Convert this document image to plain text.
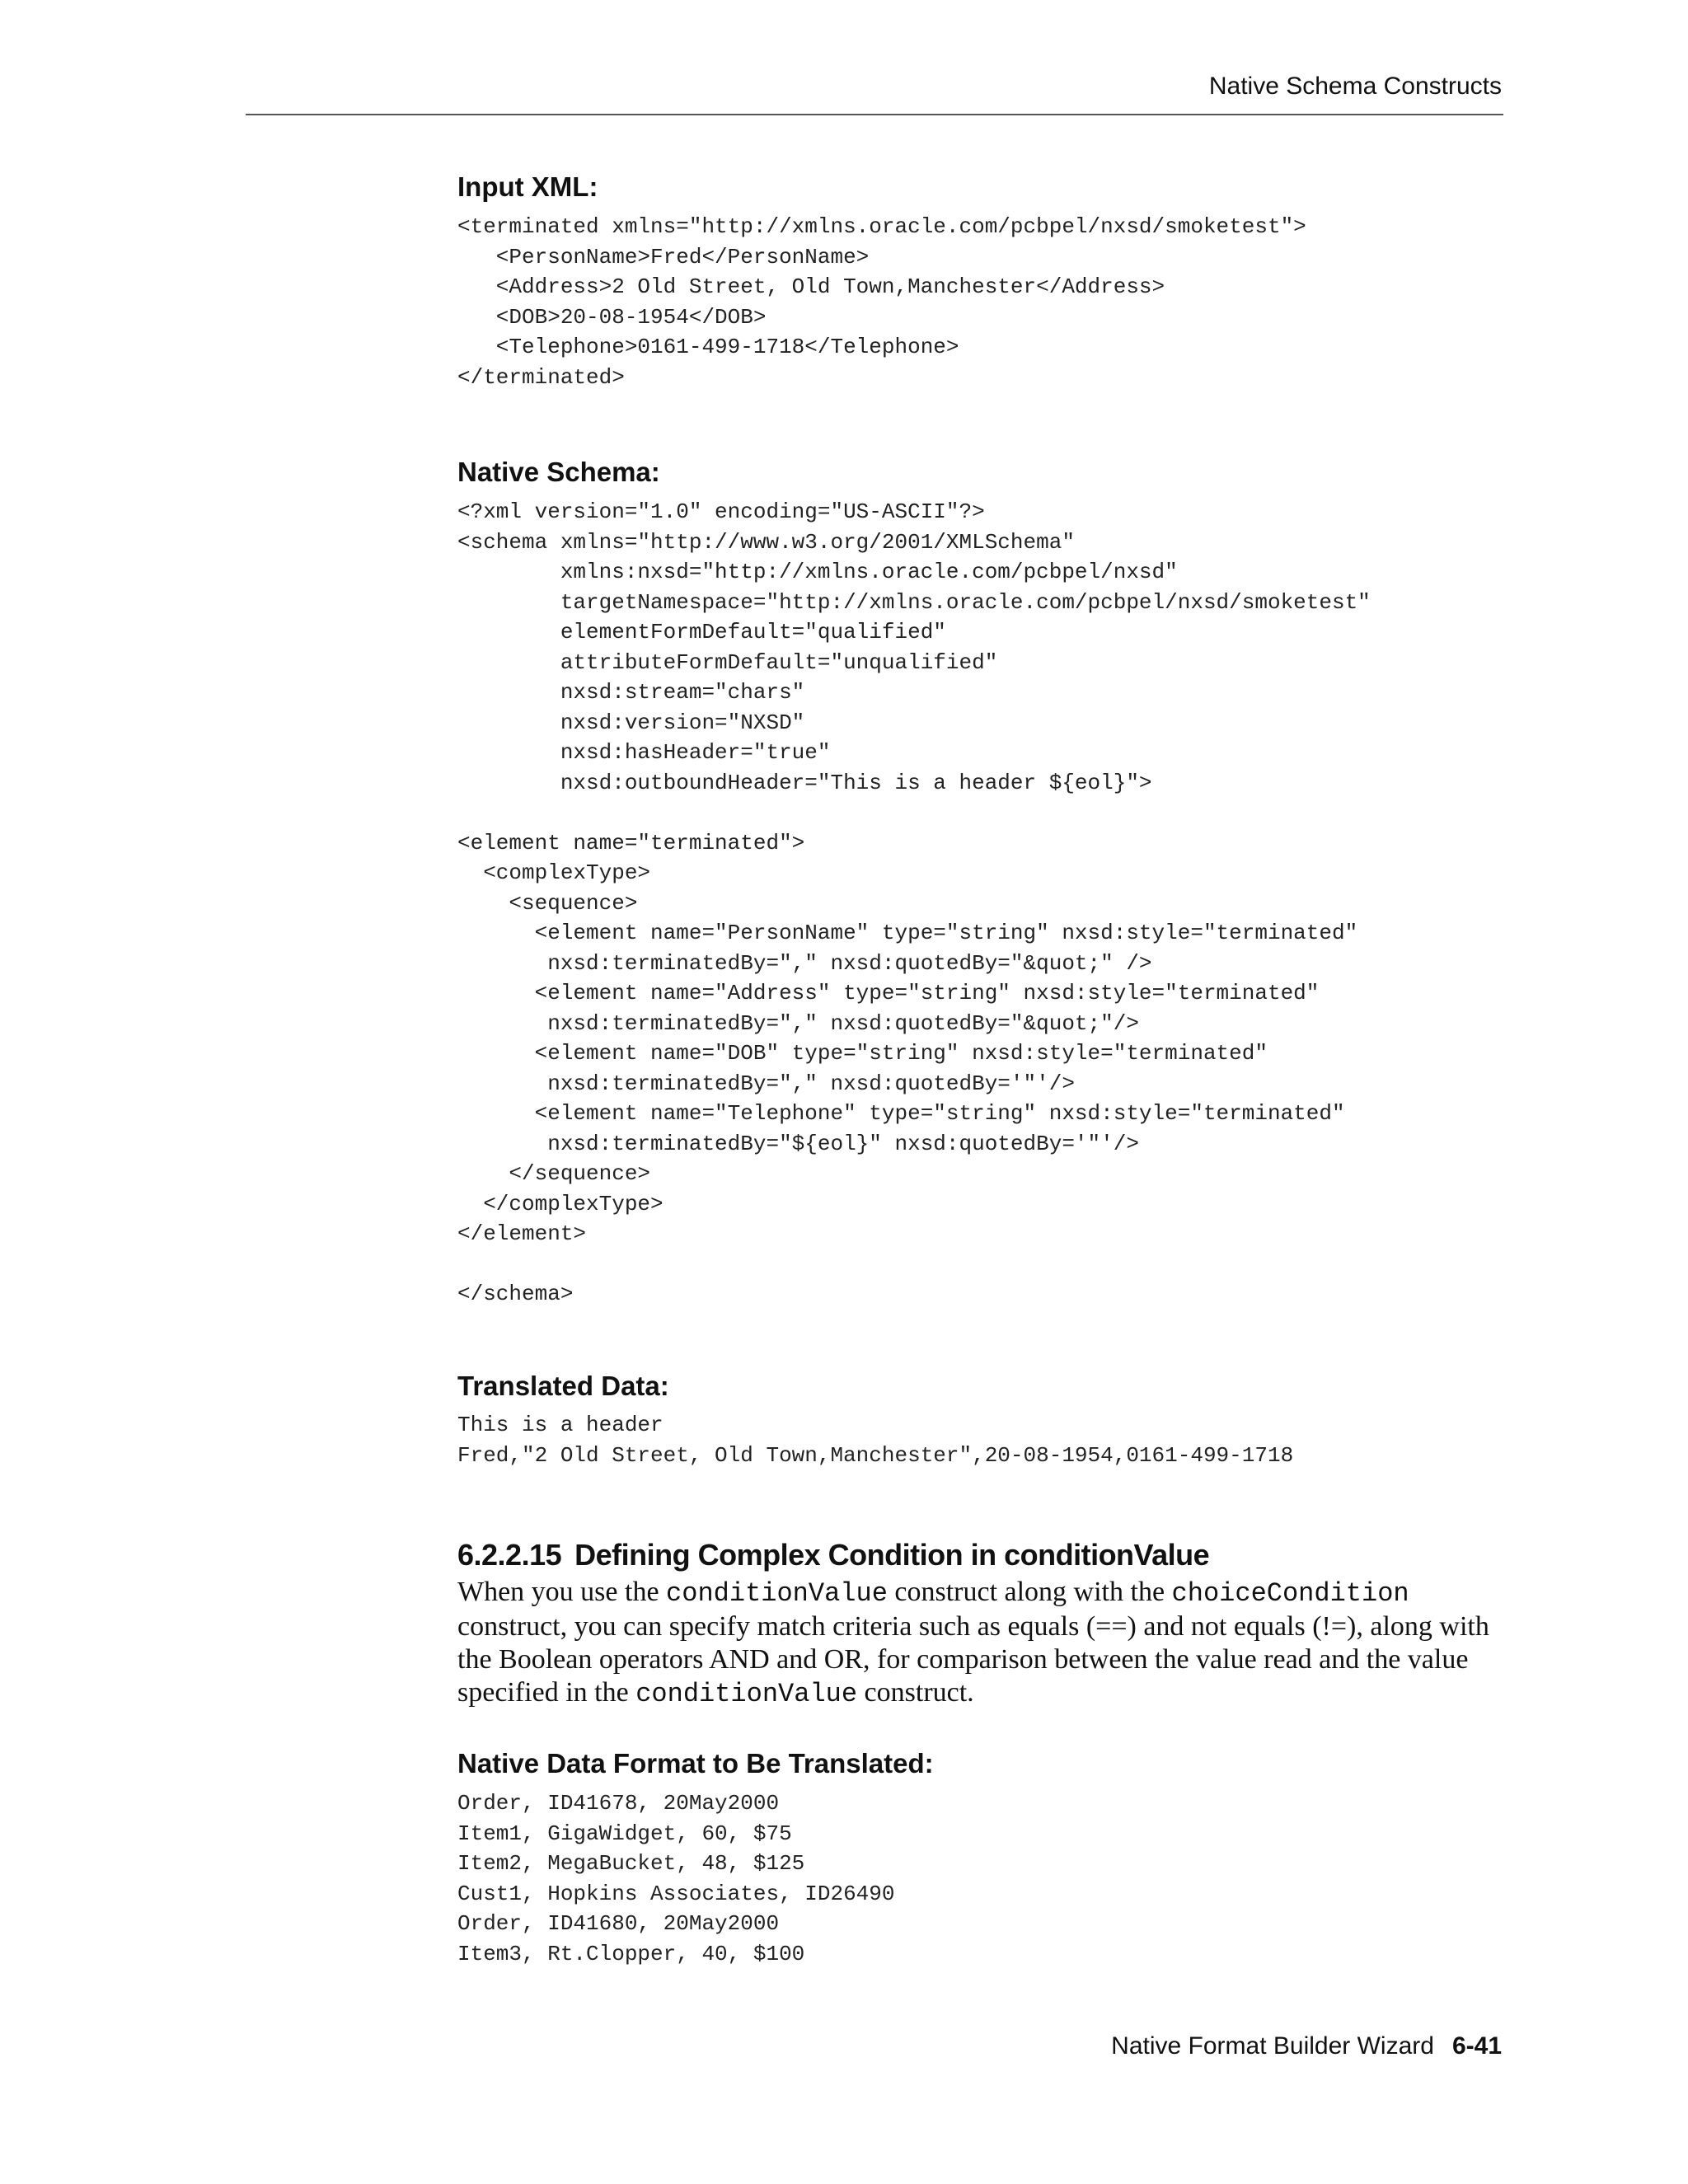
Native Schema Constructs
Input XML:
<terminated xmlns="http://xmlns.oracle.com/pcbpel/nxsd/smoketest">
<PersonName>Fred</PersonName>
<Address>2 Old Street, Old Town,Manchester</Address>
<DOB>20-08-1954</DOB>
<Telephone>0161-499-1718</Telephone>
</terminated>
Native Schema:
<?xml version="1.0" encoding="US-ASCII"?>
<schema xmlns="http://www.w3.org/2001/XMLSchema"
xmlns:nxsd="http://xmlns.oracle.com/pcbpel/nxsd"
targetNamespace="http://xmlns.oracle.com/pcbpel/nxsd/smoketest"
elementFormDefault="qualified"
attributeFormDefault="unqualified"
nxsd:stream="chars"
nxsd:version="NXSD"
nxsd:hasHeader="true"
nxsd:outboundHeader="This is a header ${eol}">

<element name="terminated">
<complexType>
<sequence>
<element name="PersonName" type="string" nxsd:style="terminated"
nxsd:terminatedBy="," nxsd:quotedBy="&quot;" />
<element name="Address" type="string" nxsd:style="terminated"
nxsd:terminatedBy="," nxsd:quotedBy="&quot;"/>
<element name="DOB" type="string" nxsd:style="terminated"
nxsd:terminatedBy="," nxsd:quotedBy='"'/>
<element name="Telephone" type="string" nxsd:style="terminated"
nxsd:terminatedBy="${eol}" nxsd:quotedBy='"'/>
</sequence>
</complexType>
</element>

</schema>
Translated Data:
This is a header
Fred,"2 Old Street, Old Town,Manchester",20-08-1954,0161-499-1718
6.2.2.15 Defining Complex Condition in conditionValue

When you use the conditionValue construct along with the choiceCondition construct, you can specify match criteria such as equals (==) and not equals (!=), along with the Boolean operators AND and OR, for comparison between the value read and the value specified in the conditionValue construct.

Native Data Format to Be Translated:
Order, ID41678, 20May2000
Item1, GigaWidget, 60, $75
Item2, MegaBucket, 48, $125
Cust1, Hopkins Associates, ID26490
Order, ID41680, 20May2000
Item3, Rt.Clopper, 40, $100
Native Format Builder Wizard 6-41
